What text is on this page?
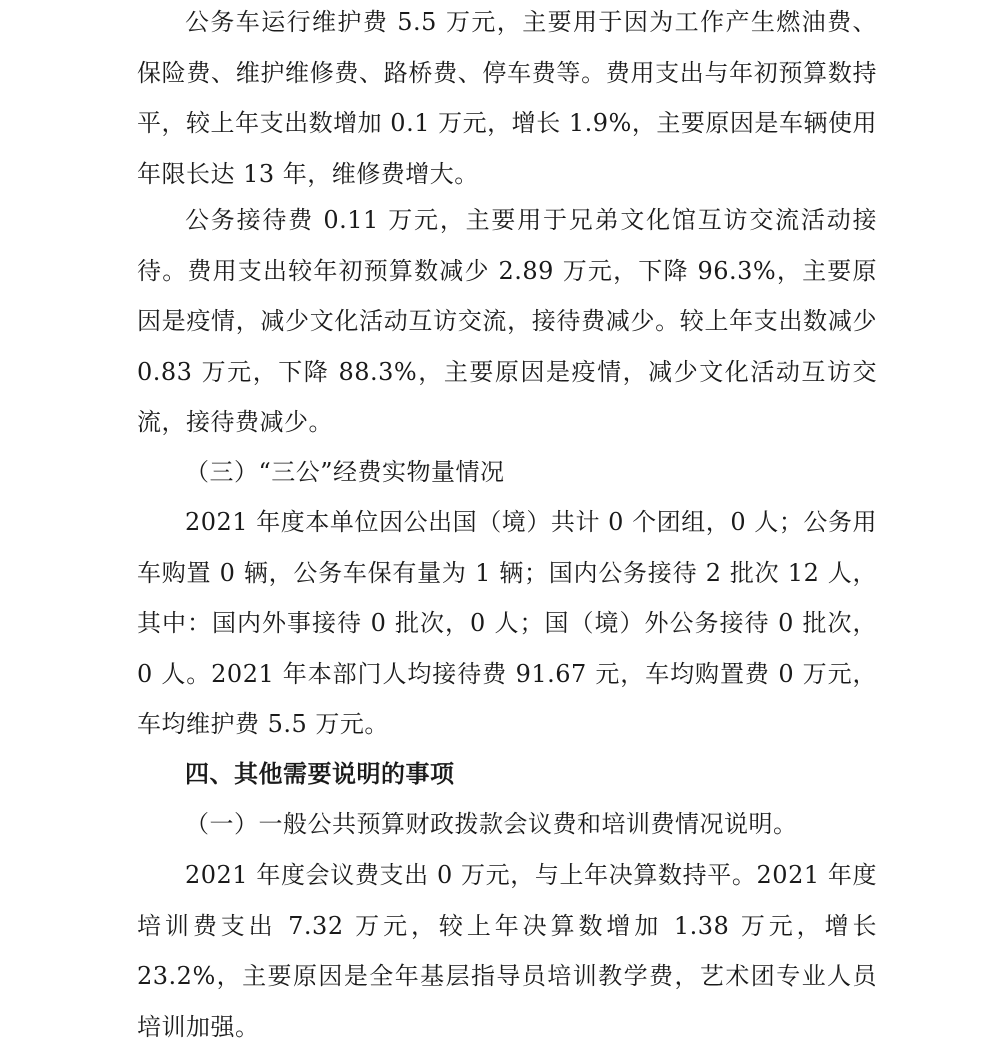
公务车运行维护费 5.5 万元，主要用于因为工作产生燃油费、保险费、维护维修费、路桥费、停车费等。费用支出与年初预算数持平，较上年支出数增加 0.1 万元，增长 1.9%，主要原因是车辆使用年限长达 13 年，维修费增大。

公务接待费 0.11 万元，主要用于兄弟文化馆互访交流活动接待。费用支出较年初预算数减少 2.89 万元，下降 96.3%，主要原因是疫情，减少文化活动互访交流，接待费减少。较上年支出数减少 0.83 万元，下降 88.3%，主要原因是疫情，减少文化活动互访交流，接待费减少。

（三）“三公”经费实物量情况

2021 年度本单位因公出国（境）共计 0 个团组，0 人；公务用车购置 0 辆，公务车保有量为 1 辆；国内公务接待 2 批次 12 人，其中：国内外事接待 0 批次，0 人；国（境）外公务接待 0 批次，0 人。2021 年本部门人均接待费 91.67 元，车均购置费 0 万元，车均维护费 5.5 万元。

四、其他需要说明的事项

（一）一般公共预算财政拨款会议费和培训费情况说明。

2021 年度会议费支出 0 万元，与上年决算数持平。2021 年度培训费支出 7.32 万元，较上年决算数增加 1.38 万元，增长 23.2%，主要原因是全年基层指导员培训教学费，艺术团专业人员培训加强。
